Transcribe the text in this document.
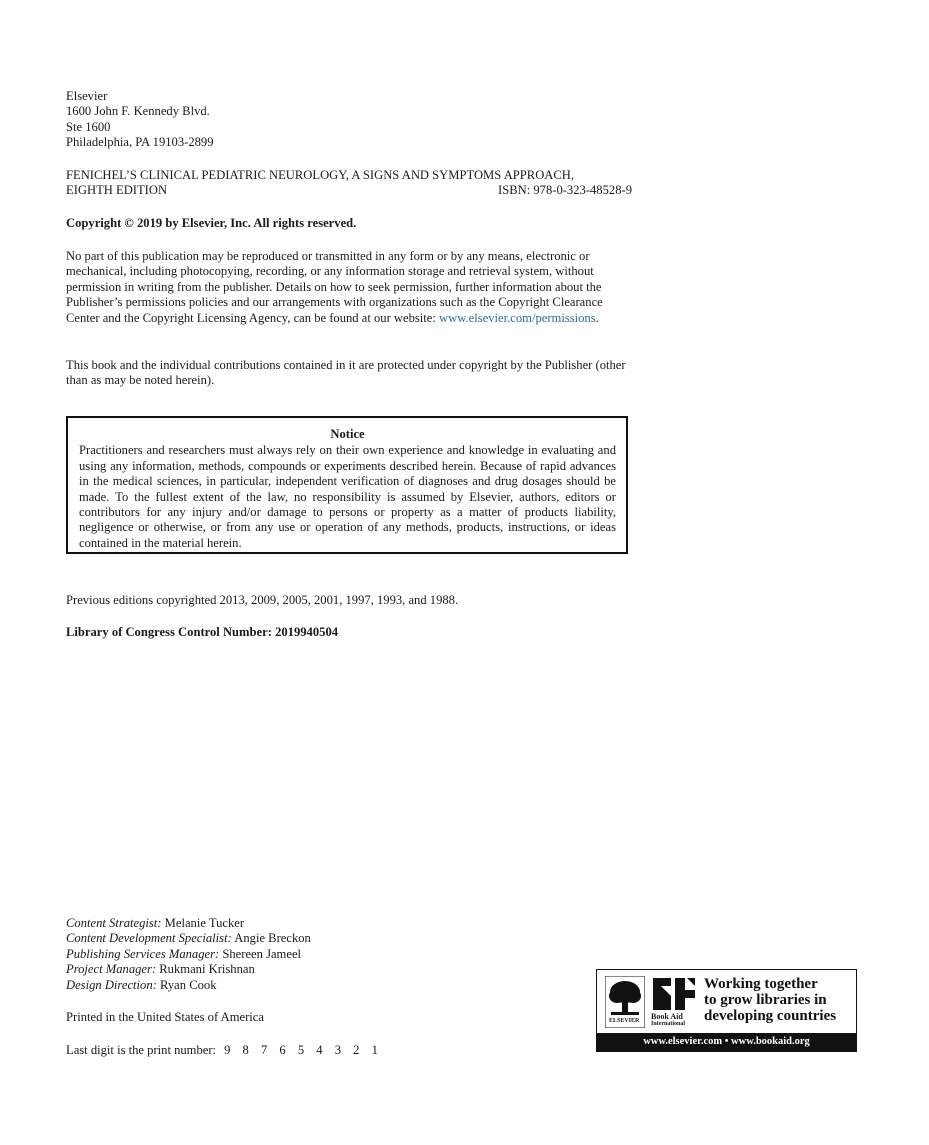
Elsevier
1600 John F. Kennedy Blvd.
Ste 1600
Philadelphia, PA 19103-2899
FENICHEL’S CLINICAL PEDIATRIC NEUROLOGY, A SIGNS AND SYMPTOMS APPROACH,
EIGHTH EDITION	ISBN: 978-0-323-48528-9

Copyright © 2019 by Elsevier, Inc. All rights reserved.

No part of this publication may be reproduced or transmitted in any form or by any means, electronic or mechanical, including photocopying, recording, or any information storage and retrieval system, without permission in writing from the publisher. Details on how to seek permission, further information about the Publisher’s permissions policies and our arrangements with organizations such as the Copyright Clearance Center and the Copyright Licensing Agency, can be found at our website: www.elsevier.com/permissions.

This book and the individual contributions contained in it are protected under copyright by the Publisher (other than as may be noted herein).

Notice
Practitioners and researchers must always rely on their own experience and knowledge in evaluating and using any information, methods, compounds or experiments described herein. Because of rapid advances in the medical sciences, in particular, independent verification of diagnoses and drug dosages should be made. To the fullest extent of the law, no responsibility is assumed by Elsevier, authors, editors or contributors for any injury and/or damage to persons or property as a matter of products liability, negligence or otherwise, or from any use or operation of any methods, products, instructions, or ideas contained in the material herein.

Previous editions copyrighted 2013, 2009, 2005, 2001, 1997, 1993, and 1988.

Library of Congress Control Number: 2019940504

Content Strategist: Melanie Tucker
Content Development Specialist: Angie Breckon
Publishing Services Manager: Shereen Jameel
Project Manager: Rukmani Krishnan
Design Direction: Ryan Cook
Printed in the United States of America
Last digit is the print number: 9 8 7 6 5 4 3 2 1
ELSEVIER Book Aid
International
Working together
to grow libraries in
developing countries
www.elsevier.com • www.bookaid.org
